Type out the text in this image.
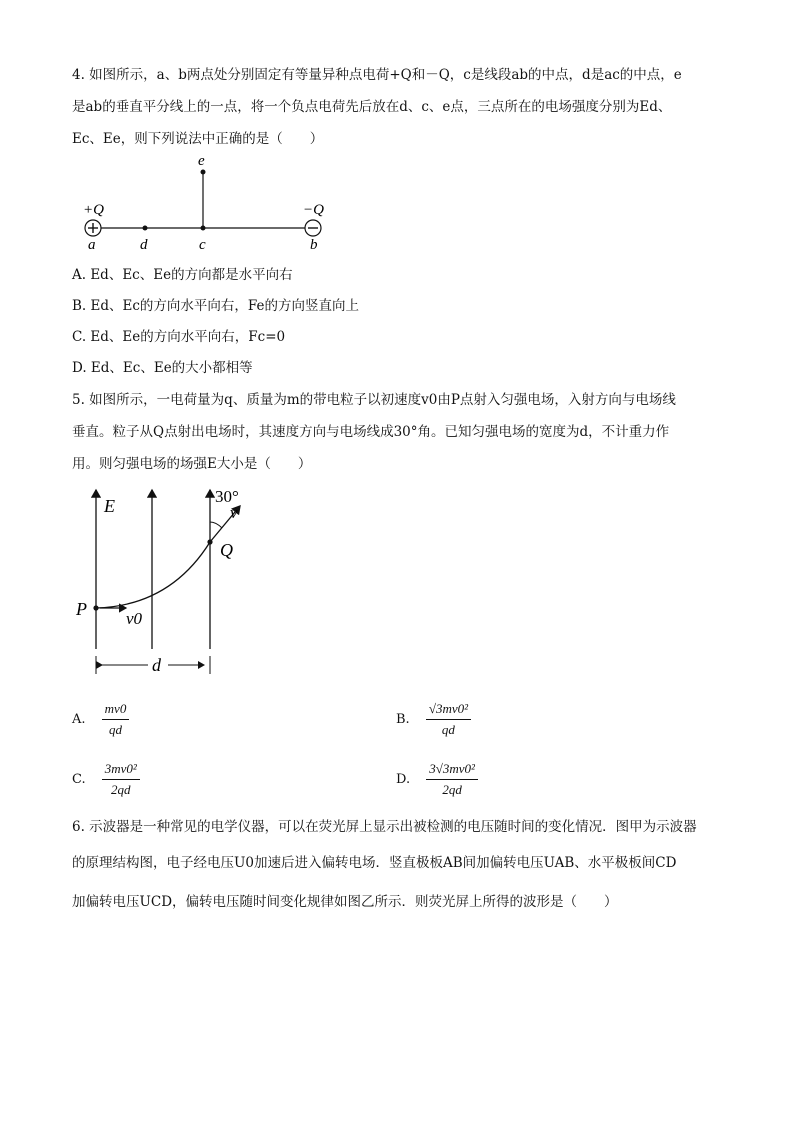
4. 如图所示，a、b两点处分别固定有等量异种点电荷+Q和－Q，c是线段ab的中点，d是ac的中点，e
是ab的垂直平分线上的一点，将一个负点电荷先后放在d、c、e点，三点所在的电场强度分别为Ed、
Ec、Ee，则下列说法中正确的是（　　）
+Q	−Q
a	d	c	b
e
A. Ed、Ec、Ee的方向都是水平向右
B. Ed、Ec的方向水平向右，Fe的方向竖直向上
C. Ed、Ee的方向水平向右，Fc=0
D. Ed、Ec、Ee的大小都相等
5. 如图所示，一电荷量为q、质量为m的带电粒子以初速度v0由P点射入匀强电场，入射方向与电场线
垂直。粒子从Q点射出电场时，其速度方向与电场线成30°角。已知匀强电场的宽度为d，不计重力作
用。则匀强电场的场强E大小是（　　）
E	30°
v
Q
P v0
d
A. $\frac{mv0}{qd}$	B. $\frac{\text{√3mv0²}}{qd}$
C. $\frac{\text{3mv0²}}{2qd}$	D. $\frac{\text{3√3mv0²}}{2qd}$
6. 示波器是一种常见的电学仪器，可以在荧光屏上显示出被检测的电压随时间的变化情况．图甲为示波器
的原理结构图，电子经电压U0加速后进入偏转电场．竖直极板AB间加偏转电压UAB、水平极板间CD
加偏转电压UCD，偏转电压随时间变化规律如图乙所示．则荧光屏上所得的波形是（　　）
